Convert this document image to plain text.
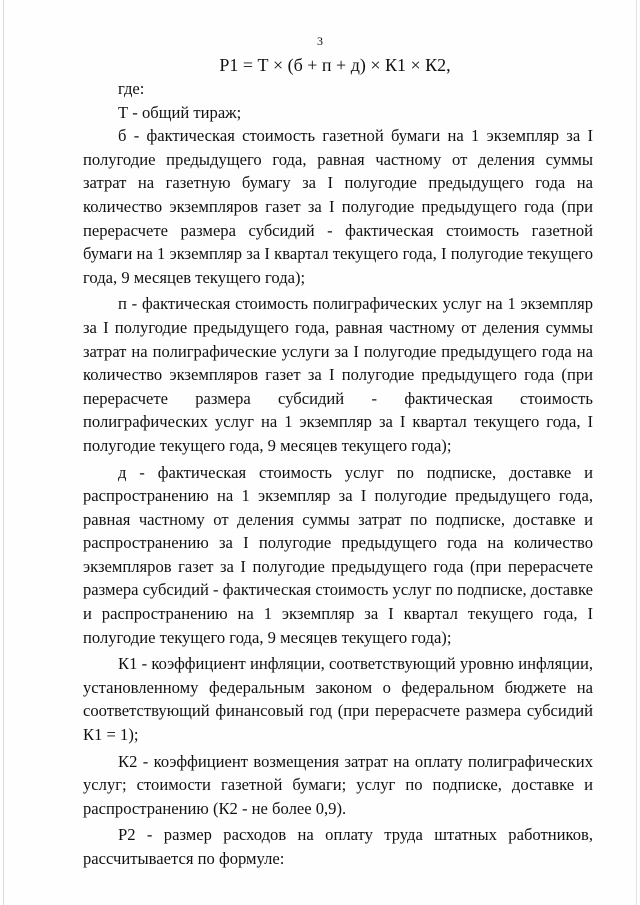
3
Р1 = Т × (б + п + д) × К1 × К2,

где:

Т - общий тираж;

б - фактическая стоимость газетной бумаги на 1 экземпляр за I полугодие предыдущего года, равная частному от деления суммы затрат на газетную бумагу за I полугодие предыдущего года на количество экземпляров газет за I полугодие предыдущего года (при перерасчете размера субсидий - фактическая стоимость газетной бумаги на 1 экземпляр за I квартал текущего года, I полугодие текущего года, 9 месяцев текущего года);

п - фактическая стоимость полиграфических услуг на 1 экземпляр за I полугодие предыдущего года, равная частному от деления суммы затрат на полиграфические услуги за I полугодие предыдущего года на количество экземпляров газет за I полугодие предыдущего года (при перерасчете размера субсидий - фактическая стоимость полиграфических услуг на 1 экземпляр за I квартал текущего года, I полугодие текущего года, 9 месяцев текущего года);

д - фактическая стоимость услуг по подписке, доставке и распространению на 1 экземпляр за I полугодие предыдущего года, равная частному от деления суммы затрат по подписке, доставке и распространению за I полугодие предыдущего года на количество экземпляров газет за I полугодие предыдущего года (при перерасчете размера субсидий - фактическая стоимость услуг по подписке, доставке и распространению на 1 экземпляр за I квартал текущего года, I полугодие текущего года, 9 месяцев текущего года);

К1 - коэффициент инфляции, соответствующий уровню инфляции, установленному федеральным законом о федеральном бюджете на соответствующий финансовый год (при перерасчете размера субсидий К1 = 1);

К2 - коэффициент возмещения затрат на оплату полиграфических услуг; стоимости газетной бумаги; услуг по подписке, доставке и распространению (К2 - не более 0,9).

Р2 - размер расходов на оплату труда штатных работников, рассчитывается по формуле:
